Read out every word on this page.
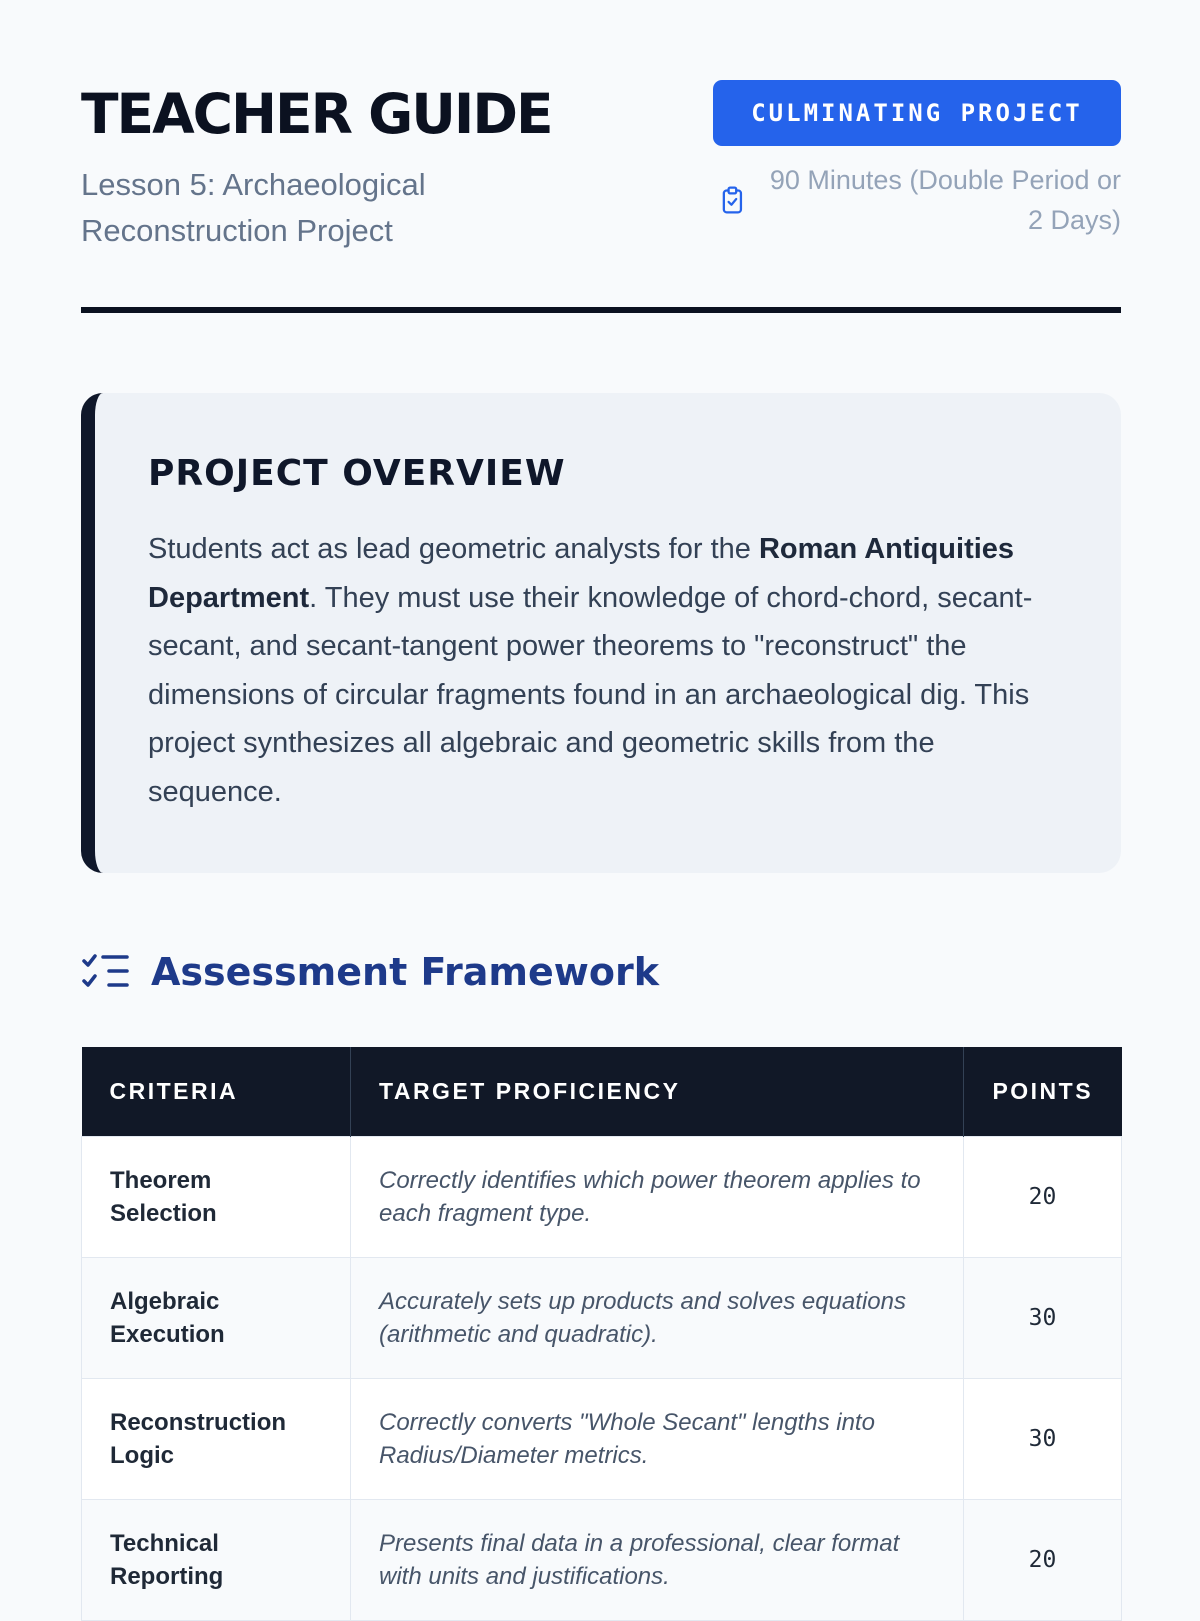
TEACHER GUIDE

Lesson 5: Archaeological Reconstruction Project

CULMINATING PROJECT
90 Minutes (Double Period or 2 Days)
PROJECT OVERVIEW

Students act as lead geometric analysts for the Roman Antiquities Department. They must use their knowledge of chord-chord, secant-secant, and secant-tangent power theorems to "reconstruct" the dimensions of circular fragments found in an archaeological dig. This project synthesizes all algebraic and geometric skills from the sequence.

Assessment Framework
CRITERIA	TARGET PROFICIENCY	POINTS
Theorem Selection	Correctly identifies which power theorem applies to each fragment type.	20
Algebraic Execution	Accurately sets up products and solves equations (arithmetic and quadratic).	30
Reconstruction Logic	Correctly converts "Whole Secant" lengths into Radius/Diameter metrics.	30
Technical Reporting	Presents final data in a professional, clear format with units and justifications.	20
